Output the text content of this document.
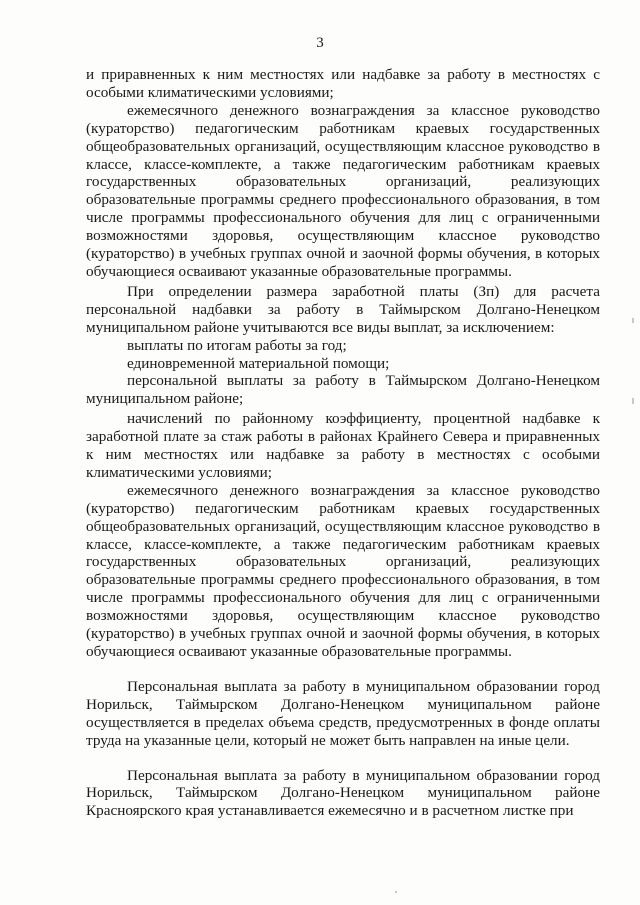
3

и приравненных к ним местностях или надбавке за работу в местностях с особыми климатическими условиями;

ежемесячного денежного вознаграждения за классное руководство (кураторство) педагогическим работникам краевых государственных общеобразовательных организаций, осуществляющим классное руководство в классе, классе-комплекте, а также педагогическим работникам краевых государственных образовательных организаций, реализующих образовательные программы среднего профессионального образования, в том числе программы профессионального обучения для лиц с ограниченными возможностями здоровья, осуществляющим классное руководство (кураторство) в учебных группах очной и заочной формы обучения, в которых обучающиеся осваивают указанные образовательные программы.

При определении размера заработной платы (Зп) для расчета персональной надбавки за работу в Таймырском Долгано-Ненецком муниципальном районе учитываются все виды выплат, за исключением:

выплаты по итогам работы за год;

единовременной материальной помощи;

персональной выплаты за работу в Таймырском Долгано-Ненецком муниципальном районе;

начислений по районному коэффициенту, процентной надбавке к заработной плате за стаж работы в районах Крайнего Севера и приравненных к ним местностях или надбавке за работу в местностях с особыми климатическими условиями;

ежемесячного денежного вознаграждения за классное руководство (кураторство) педагогическим работникам краевых государственных общеобразовательных организаций, осуществляющим классное руководство в классе, классе-комплекте, а также педагогическим работникам краевых государственных образовательных организаций, реализующих образовательные программы среднего профессионального образования, в том числе программы профессионального обучения для лиц с ограниченными возможностями здоровья, осуществляющим классное руководство (кураторство) в учебных группах очной и заочной формы обучения, в которых обучающиеся осваивают указанные образовательные программы.

Персональная выплата за работу в муниципальном образовании город Норильск, Таймырском Долгано-Ненецком муниципальном районе осуществляется в пределах объема средств, предусмотренных в фонде оплаты труда на указанные цели, который не может быть направлен на иные цели.

Персональная выплата за работу в муниципальном образовании город Норильск, Таймырском Долгано-Ненецком муниципальном районе Красноярского края устанавливается ежемесячно и в расчетном листке при
